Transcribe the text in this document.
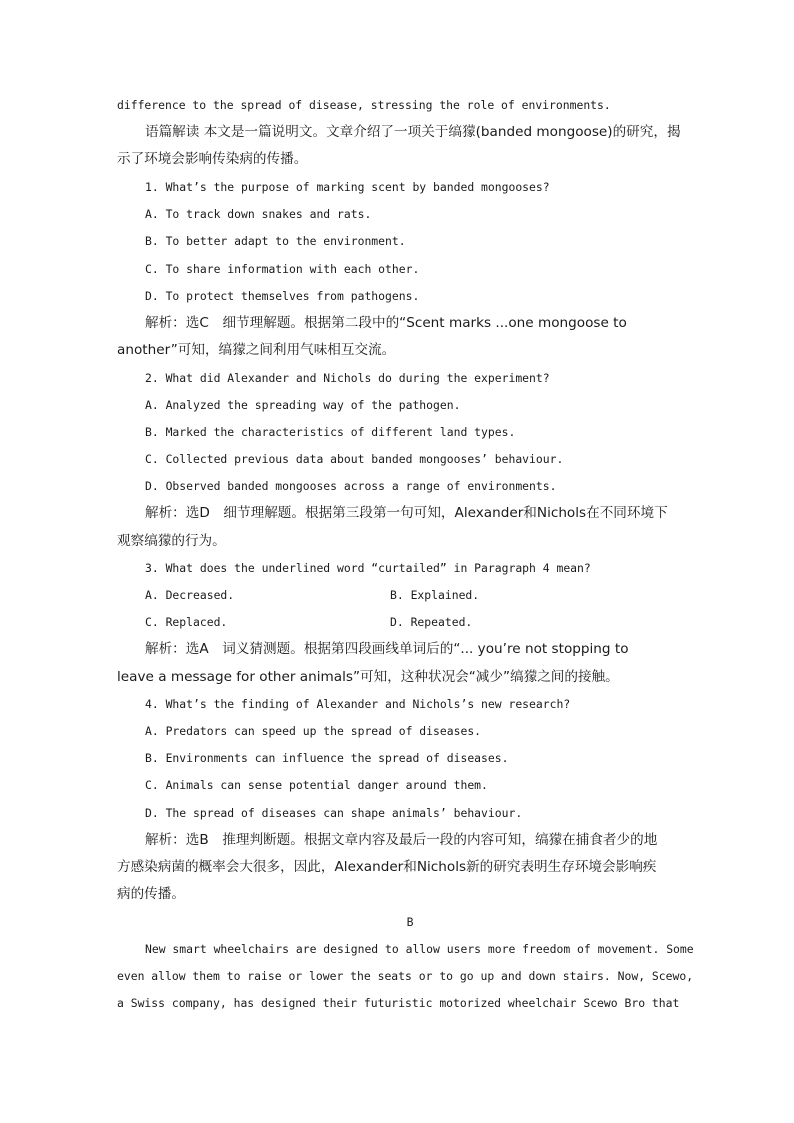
difference to the spread of disease, stressing the role of environments.
语篇解读 本文是一篇说明文。文章介绍了一项关于缟獴(banded mongoose)的研究，揭
示了环境会影响传染病的传播。
1. What’s the purpose of marking scent by banded mongooses?
A. To track down snakes and rats.
B. To better adapt to the environment.
C. To share information with each other.
D. To protect themselves from pathogens.
解析：选C　细节理解题。根据第二段中的“Scent marks ...one mongoose to
another”可知，缟獴之间利用气味相互交流。
2. What did Alexander and Nichols do during the experiment?
A. Analyzed the spreading way of the pathogen.
B. Marked the characteristics of different land types.
C. Collected previous data about banded mongooses’ behaviour.
D. Observed banded mongooses across a range of environments.
解析：选D　细节理解题。根据第三段第一句可知，Alexander和Nichols在不同环境下
观察缟獴的行为。
3. What does the underlined word “curtailed” in Paragraph 4 mean?
A. Decreased.	B. Explained.
C. Replaced.	D. Repeated.
解析：选A　词义猜测题。根据第四段画线单词后的“... you’re not stopping to
leave a message for other animals”可知，这种状况会“减少”缟獴之间的接触。
4. What’s the finding of Alexander and Nichols’s new research?
A. Predators can speed up the spread of diseases.
B. Environments can influence the spread of diseases.
C. Animals can sense potential danger around them.
D. The spread of diseases can shape animals’ behaviour.
解析：选B　推理判断题。根据文章内容及最后一段的内容可知，缟獴在捕食者少的地
方感染病菌的概率会大很多，因此，Alexander和Nichols新的研究表明生存环境会影响疾
病的传播。
B
New smart wheelchairs are designed to allow users more freedom of movement. Some
even allow them to raise or lower the seats or to go up and down stairs. Now, Scewo,
a Swiss company, has designed their futuristic motorized wheelchair Scewo Bro that
